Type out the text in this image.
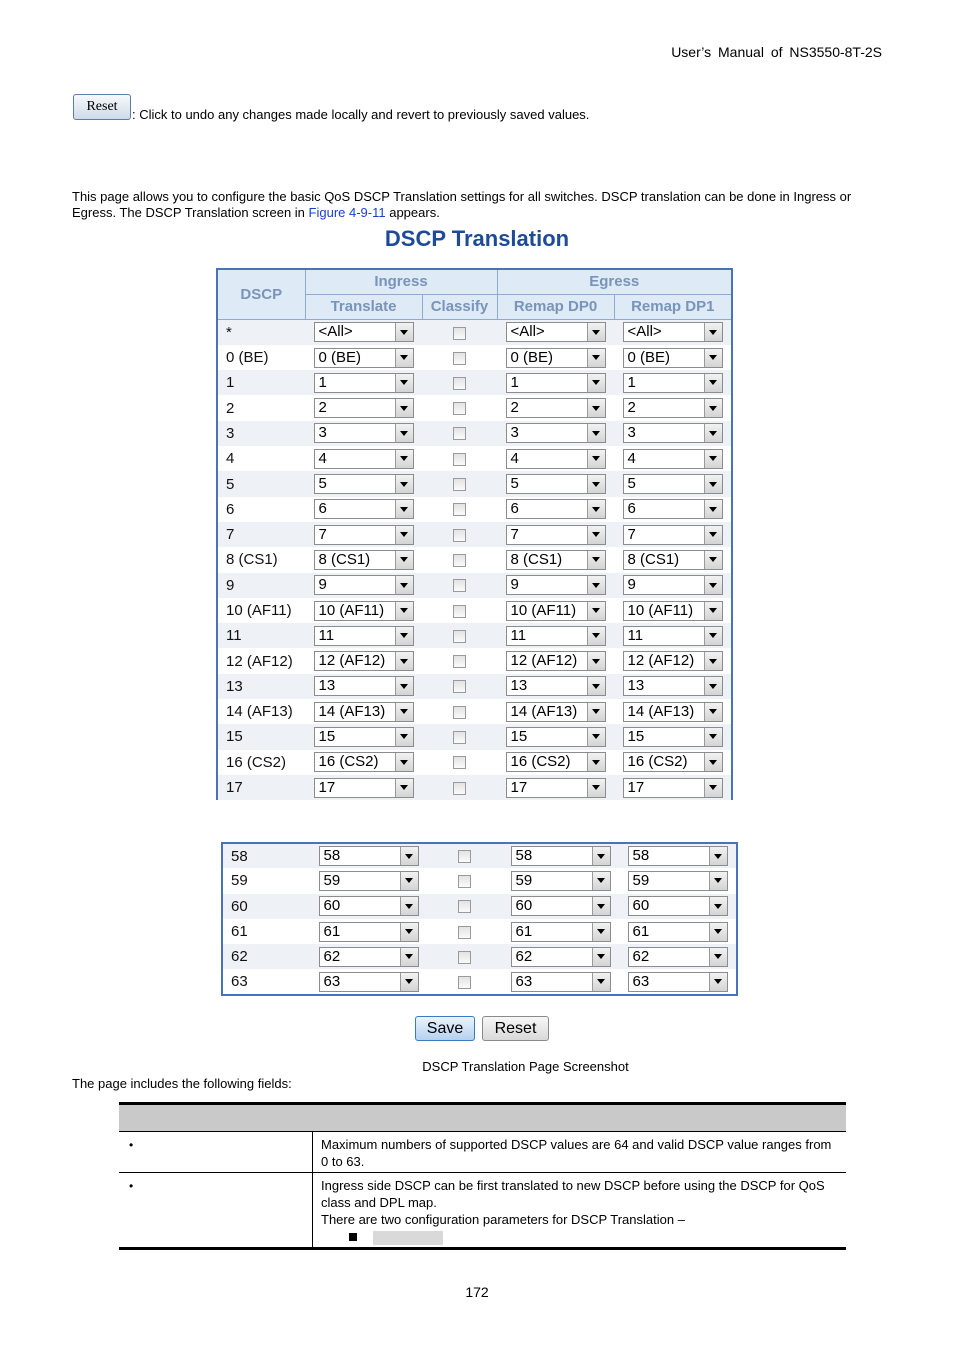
User’s Manual of NS3550-8T-2S
Reset
: Click to undo any changes made locally and revert to previously saved values.
This page allows you to configure the basic QoS DSCP Translation settings for all switches. DSCP translation can be done in Ingress or Egress. The DSCP Translation screen in Figure 4-9-11 appears.
DSCP Translation
DSCP	Ingress		Egress	
	Translate	Classify	Remap DP0	Remap DP1
*	<All>		<All>	<All>

0 (BE)	0 (BE)		0 (BE)	0 (BE)

1	1		1	1

2	2		2	2

3	3		3	3

4	4		4	4

5	5		5	5

6	6		6	6

7	7		7	7

8 (CS1)	8 (CS1)		8 (CS1)	8 (CS1)

9	9		9	9

10 (AF11)	10 (AF11)		10 (AF11)	10 (AF11)

11	11		11	11

12 (AF12)	12 (AF12)		12 (AF12)	12 (AF12)

13	13		13	13

14 (AF13)	14 (AF13)		14 (AF13)	14 (AF13)

15	15		15	15

16 (CS2)	16 (CS2)		16 (CS2)	16 (CS2)

17	17		17	17
58	58		58	58

59	59		59	59

60	60		60	60

61	61		61	61

62	62		62	62

63	63		63	63
Save	Reset
DSCP Translation Page Screenshot
The page includes the following fields:
•	Maximum numbers of supported DSCP values are 64 and valid DSCP value ranges from 0 to 63.
•	Ingress side DSCP can be first translated to new DSCP before using the DSCP for QoS class and DPL map.
There are two configuration parameters for DSCP Translation –
172
